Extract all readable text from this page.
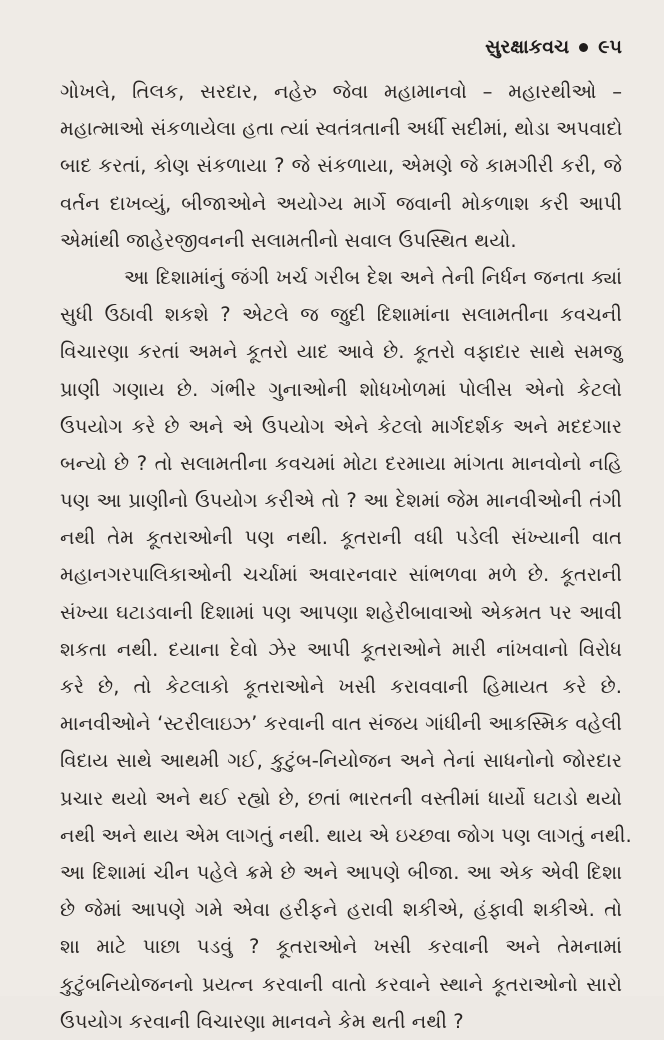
સુરક્ષાકવચ ૯૫
ગોખલે, તિલક, સરદાર, નહેરુ જેવા મહામાનવો – મહારથીઓ –
મહાત્માઓ સંકળાયેલા હતા ત્યાં સ્વતંત્રતાની અર્ધી સદીમાં, થોડા અપવાદો
બાદ કરતાં, કોણ સંકળાયા ? જે સંકળાયા, એમણે જે કામગીરી કરી, જે
વર્તન દાખવ્યું, બીજાઓને અયોગ્ય માર્ગે જવાની મોકળાશ કરી આપી
એમાંથી જાહેરજીવનની સલામતીનો સવાલ ઉપસ્થિત થયો.
આ દિશામાંનું જંગી ખર્ચ ગરીબ દેશ અને તેની નિર્ધન જનતા ક્યાં
સુધી ઉઠાવી શકશે ? એટલે જ જુદી દિશામાંના સલામતીના કવચની
વિચારણા કરતાં અમને કૂતરો યાદ આવે છે. કૂતરો વફાદાર સાથે સમજુ
પ્રાણી ગણાય છે. ગંભીર ગુનાઓની શોધખોળમાં પોલીસ એનો કેટલો
ઉપયોગ કરે છે અને એ ઉપયોગ એને કેટલો માર્ગદર્શક અને મદદગાર
બન્યો છે ? તો સલામતીના કવચમાં મોટા દરમાયા માંગતા માનવોનો નહિ
પણ આ પ્રાણીનો ઉપયોગ કરીએ તો ? આ દેશમાં જેમ માનવીઓની તંગી
નથી તેમ કૂતરાઓની પણ નથી. કૂતરાની વધી પડેલી સંખ્યાની વાત
મહાનગરપાલિકાઓની ચર્ચામાં અવારનવાર સાંભળવા મળે છે. કૂતરાની
સંખ્યા ઘટાડવાની દિશામાં પણ આપણા શહેરીબાવાઓ એકમત પર આવી
શકતા નથી. દયાના દેવો ઝેર આપી કૂતરાઓને મારી નાંખવાનો વિરોધ
કરે છે, તો કેટલાકો કૂતરાઓને ખસી કરાવવાની હિમાયત કરે છે.
માનવીઓને ‘સ્ટરીલાઇઝ’ કરવાની વાત સંજય ગાંધીની આકસ્મિક વહેલી
વિદાય સાથે આથમી ગઈ, કુટુંબ-નિયોજન અને તેનાં સાધનોનો જોરદાર
પ્રચાર થયો અને થઈ રહ્યો છે, છતાં ભારતની વસ્તીમાં ધાર્યો ઘટાડો થયો
નથી અને થાય એમ લાગતું નથી. થાય એ ઇચ્છવા જોગ પણ લાગતું નથી.
આ દિશામાં ચીન પહેલે ક્રમે છે અને આપણે બીજા. આ એક એવી દિશા
છે જેમાં આપણે ગમે એવા હરીફને હરાવી શકીએ, હંફાવી શકીએ. તો
શા માટે પાછા પડવું ? કૂતરાઓને ખસી કરવાની અને તેમનામાં
કુટુંબનિયોજનનો પ્રયત્ન કરવાની વાતો કરવાને સ્થાને કૂતરાઓનો સારો
ઉપયોગ કરવાની વિચારણા માનવને કેમ થતી નથી ?
